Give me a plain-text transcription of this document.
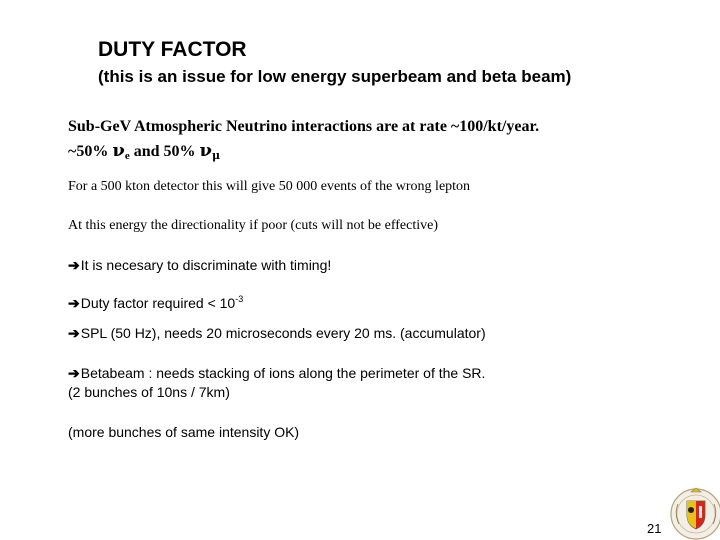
DUTY FACTOR
(this is an issue for low energy superbeam and beta beam)
Sub-GeV Atmospheric Neutrino interactions are at rate ~100/kt/year.
~50% $\nu_e$ and 50% $\nu_\mu$
For a 500 kton detector this will give 50 000 events of the wrong lepton
At this energy the directionality if poor (cuts will not be effective)
➔It is necesary to discriminate with timing!
➔Duty factor required < $10^{-3}$
➔SPL (50 Hz), needs 20 microseconds every 20 ms. (accumulator)
➔Betabeam : needs stacking of ions along the perimeter of the SR.
(2 bunches of 10ns / 7km)
(more bunches of same intensity OK)
21
